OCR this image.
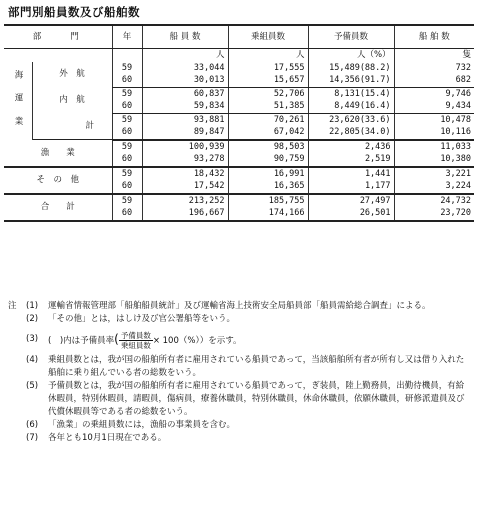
部門別船員数及び船舶数
部　　門			年	船 員 数	乗組員数	予備員数	船 舶 数
				人	人	人（%）	隻
海 運 業	外　航		59	33,044	17,555	15,489(88.2)	732
			60	30,013	15,657	14,356(91.7)	682
	内　航		59	60,837	52,706	8,131(15.4)	9,746
			60	59,834	51,385	8,449(16.4)	9,434
		計	59	93,881	70,261	23,620(33.6)	10,478
			60	89,847	67,042	22,805(34.0)	10,116
漁　　業			59	100,939	98,503	2,436	11,033
			60	93,278	90,759	2,519	10,380
そ　の　他			59	18,432	16,991	1,441	3,221
			60	17,542	16,365	1,177	3,224
合　　計			59	213,252	185,755	27,497	24,732
			60	196,667	174,166	26,501	23,720
注	(1)	運輸省情報管理部「船舶船員統計」及び運輸省海上技術安全局船員部「船員需給総合調査」による。
(2)	「その他」とは，はしけ及び官公署船等をいう。
(3)	(　)内は予備員率( $\frac{\text{予備員数}}{\text{乗組員数}} \times 100(\%)$）を示す。
(4)	乗組員数とは，我が国の船舶所有者に雇用されている船員であって，当該船舶所有者が所有し又は借り入れた船舶に乗り組んでいる者の総数をいう。
(5)	予備員数とは，我が国の船舶所有者に雇用されている船員であって，ぎ装員，陸上勤務員，出勤待機員，有給休暇員，特別休暇員，請暇員，傷病員，療養休職員，特別休職員，休命休職員，依願休職員，研修派遣員及び代償休暇員等である者の総数をいう。
(6)	「漁業」の乗組員数には，漁船の事業員を含む。
(7)	各年とも10月1日現在である。
